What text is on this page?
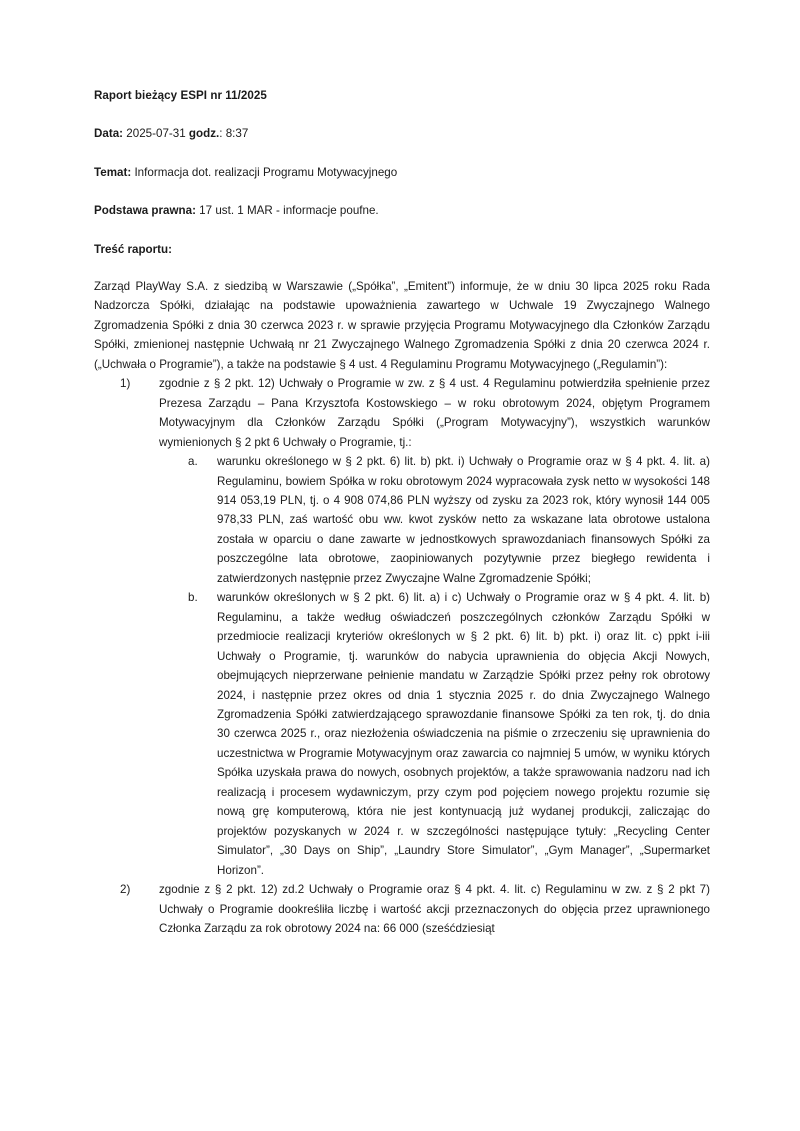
Raport bieżący ESPI nr 11/2025

Data: 2025-07-31 godz.: 8:37

Temat: Informacja dot. realizacji Programu Motywacyjnego

Podstawa prawna: 17 ust. 1 MAR - informacje poufne.

Treść raportu:

Zarząd PlayWay S.A. z siedzibą w Warszawie („Spółka”, „Emitent”) informuje, że w dniu 30 lipca 2025 roku Rada Nadzorcza Spółki, działając na podstawie upoważnienia zawartego w Uchwale 19 Zwyczajnego Walnego Zgromadzenia Spółki z dnia 30 czerwca 2023 r. w sprawie przyjęcia Programu Motywacyjnego dla Członków Zarządu Spółki, zmienionej następnie Uchwałą nr 21 Zwyczajnego Walnego Zgromadzenia Spółki z dnia 20 czerwca 2024 r. („Uchwała o Programie”), a także na podstawie § 4 ust. 4 Regulaminu Programu Motywacyjnego („Regulamin”):

1)	zgodnie z § 2 pkt. 12) Uchwały o Programie w zw. z § 4 ust. 4 Regulaminu potwierdziła spełnienie przez Prezesa Zarządu – Pana Krzysztofa Kostowskiego – w roku obrotowym 2024, objętym Programem Motywacyjnym dla Członków Zarządu Spółki („Program Motywacyjny”), wszystkich warunków wymienionych § 2 pkt 6 Uchwały o Programie, tj.:
a.	warunku określonego w § 2 pkt. 6) lit. b) pkt. i) Uchwały o Programie oraz w § 4 pkt. 4. lit. a) Regulaminu, bowiem Spółka w roku obrotowym 2024 wypracowała zysk netto w wysokości 148 914 053,19 PLN, tj. o 4 908 074,86 PLN wyższy od zysku za 2023 rok, który wynosił 144 005 978,33 PLN, zaś wartość obu ww. kwot zysków netto za wskazane lata obrotowe ustalona została w oparciu o dane zawarte w jednostkowych sprawozdaniach finansowych Spółki za poszczególne lata obrotowe, zaopiniowanych pozytywnie przez biegłego rewidenta i zatwierdzonych następnie przez Zwyczajne Walne Zgromadzenie Spółki;
b.	warunków określonych w § 2 pkt. 6) lit. a) i c) Uchwały o Programie oraz w § 4 pkt. 4. lit. b) Regulaminu, a także według oświadczeń poszczególnych członków Zarządu Spółki w przedmiocie realizacji kryteriów określonych w § 2 pkt. 6) lit. b) pkt. i) oraz lit. c) ppkt i-iii Uchwały o Programie, tj. warunków do nabycia uprawnienia do objęcia Akcji Nowych, obejmujących nieprzerwane pełnienie mandatu w Zarządzie Spółki przez pełny rok obrotowy 2024, i następnie przez okres od dnia 1 stycznia 2025 r. do dnia Zwyczajnego Walnego Zgromadzenia Spółki zatwierdzającego sprawozdanie finansowe Spółki za ten rok, tj. do dnia 30 czerwca 2025 r., oraz niezłożenia oświadczenia na piśmie o zrzeczeniu się uprawnienia do uczestnictwa w Programie Motywacyjnym oraz zawarcia co najmniej 5 umów, w wyniku których Spółka uzyskała prawa do nowych, osobnych projektów, a także sprawowania nadzoru nad ich realizacją i procesem wydawniczym, przy czym pod pojęciem nowego projektu rozumie się nową grę komputerową, która nie jest kontynuacją już wydanej produkcji, zaliczając do projektów pozyskanych w 2024 r. w szczególności następujące tytuły: „Recycling Center Simulator”, „30 Days on Ship”, „Laundry Store Simulator”, „Gym Manager”, „Supermarket Horizon”.
2)	zgodnie z § 2 pkt. 12) zd.2 Uchwały o Programie oraz § 4 pkt. 4. lit. c) Regulaminu w zw. z § 2 pkt 7) Uchwały o Programie dookreśliła liczbę i wartość akcji przeznaczonych do objęcia przez uprawnionego Członka Zarządu za rok obrotowy 2024 na: 66 000 (sześćdziesiąt
